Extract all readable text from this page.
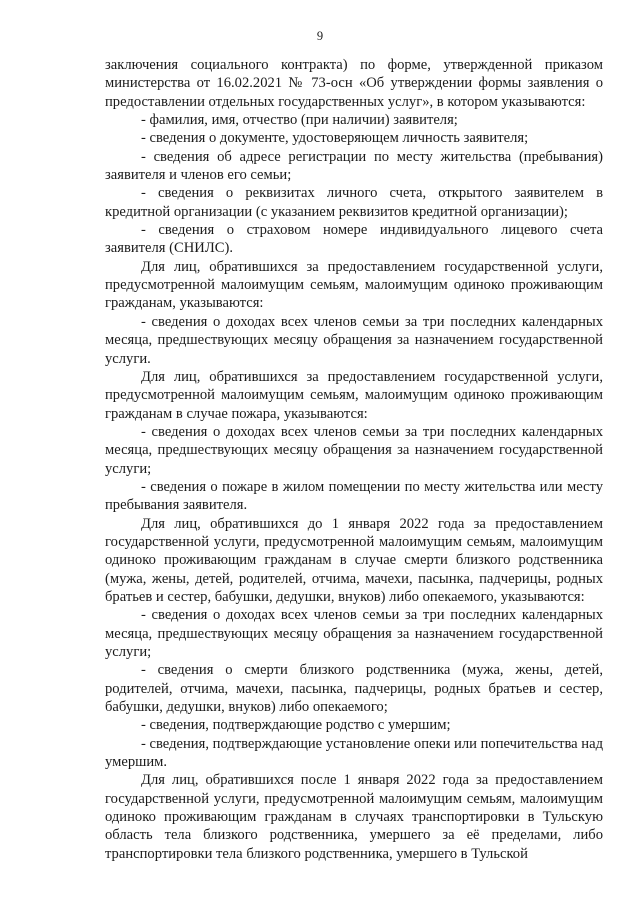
9

заключения социального контракта) по форме, утвержденной приказом министерства от 16.02.2021 № 73-осн «Об утверждении формы заявления о предоставлении отдельных государственных услуг», в котором указываются:

- фамилия, имя, отчество (при наличии) заявителя;

- сведения о документе, удостоверяющем личность заявителя;

- сведения об адресе регистрации по месту жительства (пребывания) заявителя и членов его семьи;

- сведения о реквизитах личного счета, открытого заявителем в кредитной организации (с указанием реквизитов кредитной организации);

- сведения о страховом номере индивидуального лицевого счета заявителя (СНИЛС).

Для лиц, обратившихся за предоставлением государственной услуги, предусмотренной малоимущим семьям, малоимущим одиноко проживающим гражданам, указываются:

- сведения о доходах всех членов семьи за три последних календарных месяца, предшествующих месяцу обращения за назначением государственной услуги.

Для лиц, обратившихся за предоставлением государственной услуги, предусмотренной малоимущим семьям, малоимущим одиноко проживающим гражданам в случае пожара, указываются:

- сведения о доходах всех членов семьи за три последних календарных месяца, предшествующих месяцу обращения за назначением государственной услуги;

- сведения о пожаре в жилом помещении по месту жительства или месту пребывания заявителя.

Для лиц, обратившихся до 1 января 2022 года за предоставлением государственной услуги, предусмотренной малоимущим семьям, малоимущим одиноко проживающим гражданам в случае смерти близкого родственника (мужа, жены, детей, родителей, отчима, мачехи, пасынка, падчерицы, родных братьев и сестер, бабушки, дедушки, внуков) либо опекаемого, указываются:

- сведения о доходах всех членов семьи за три последних календарных месяца, предшествующих месяцу обращения за назначением государственной услуги;

- сведения о смерти близкого родственника (мужа, жены, детей, родителей, отчима, мачехи, пасынка, падчерицы, родных братьев и сестер, бабушки, дедушки, внуков) либо опекаемого;

- сведения, подтверждающие родство с умершим;

- сведения, подтверждающие установление опеки или попечительства над умершим.

Для лиц, обратившихся после 1 января 2022 года за предоставлением государственной услуги, предусмотренной малоимущим семьям, малоимущим одиноко проживающим гражданам в случаях транспортировки в Тульскую область тела близкого родственника, умершего за её пределами, либо транспортировки тела близкого родственника, умершего в Тульской
